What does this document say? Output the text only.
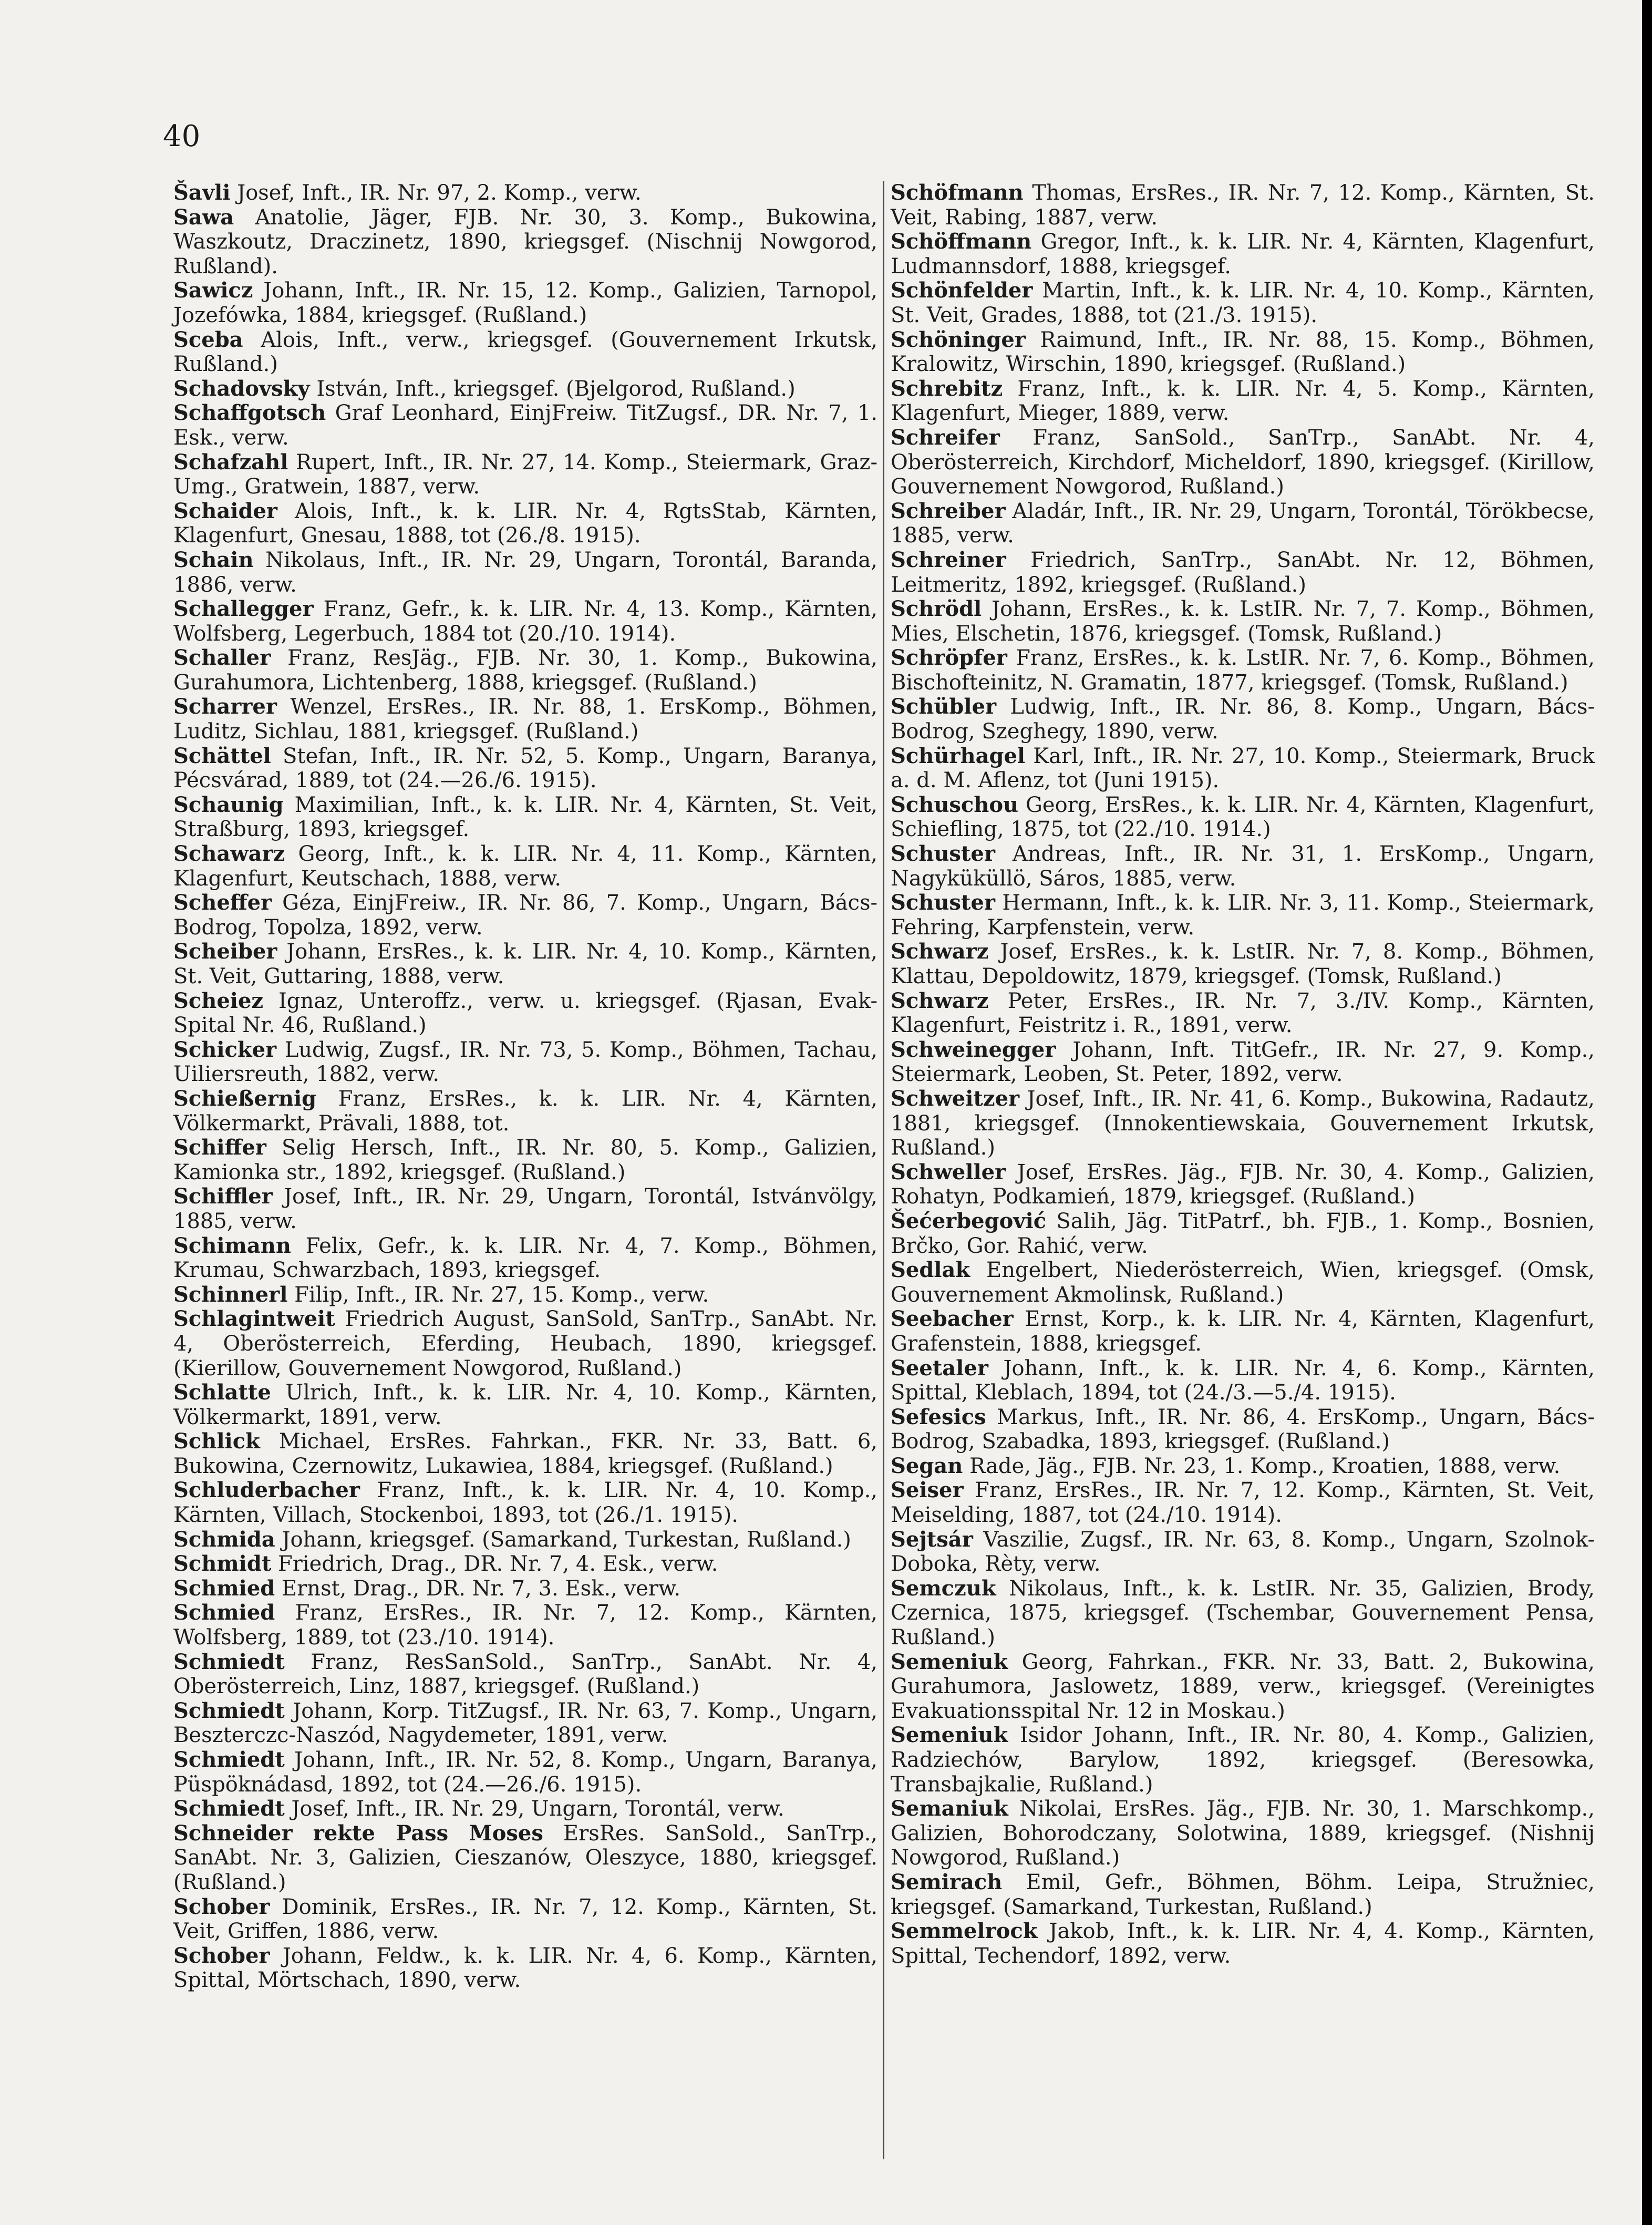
40

Šavli Josef, Inft., IR. Nr. 97, 2. Komp., verw.

Sawa Anatolie, Jäger, FJB. Nr. 30, 3. Komp., Bukowina, Waszkoutz, Draczinetz, 1890, kriegsgef. (Nischnij Nowgorod, Rußland).

Sawicz Johann, Inft., IR. Nr. 15, 12. Komp., Galizien, Tarnopol, Jozefówka, 1884, kriegsgef. (Rußland.)

Sceba Alois, Inft., verw., kriegsgef. (Gouvernement Irkutsk, Rußland.)

Schadovsky István, Inft., kriegsgef. (Bjelgorod, Rußland.)

Schaffgotsch Graf Leonhard, EinjFreiw. TitZugsf., DR. Nr. 7, 1. Esk., verw.

Schafzahl Rupert, Inft., IR. Nr. 27, 14. Komp., Steiermark, Graz-Umg., Gratwein, 1887, verw.

Schaider Alois, Inft., k. k. LIR. Nr. 4, RgtsStab, Kärnten, Klagenfurt, Gnesau, 1888, tot (26./8. 1915).

Schain Nikolaus, Inft., IR. Nr. 29, Ungarn, Torontál, Baranda, 1886, verw.

Schallegger Franz, Gefr., k. k. LIR. Nr. 4, 13. Komp., Kärnten, Wolfsberg, Legerbuch, 1884 tot (20./10. 1914).

Schaller Franz, ResJäg., FJB. Nr. 30, 1. Komp., Bukowina, Gurahumora, Lichtenberg, 1888, kriegsgef. (Rußland.)

Scharrer Wenzel, ErsRes., IR. Nr. 88, 1. ErsKomp., Böhmen, Luditz, Sichlau, 1881, kriegsgef. (Rußland.)

Schättel Stefan, Inft., IR. Nr. 52, 5. Komp., Ungarn, Baranya, Pécsvárad, 1889, tot (24.—26./6. 1915).

Schaunig Maximilian, Inft., k. k. LIR. Nr. 4, Kärnten, St. Veit, Straßburg, 1893, kriegsgef.

Schawarz Georg, Inft., k. k. LIR. Nr. 4, 11. Komp., Kärnten, Klagenfurt, Keutschach, 1888, verw.

Scheffer Géza, EinjFreiw., IR. Nr. 86, 7. Komp., Ungarn, Bács-Bodrog, Topolza, 1892, verw.

Scheiber Johann, ErsRes., k. k. LIR. Nr. 4, 10. Komp., Kärnten, St. Veit, Guttaring, 1888, verw.

Scheiez Ignaz, Unteroffz., verw. u. kriegsgef. (Rjasan, Evak-Spital Nr. 46, Rußland.)

Schicker Ludwig, Zugsf., IR. Nr. 73, 5. Komp., Böhmen, Tachau, Uiliersreuth, 1882, verw.

Schießernig Franz, ErsRes., k. k. LIR. Nr. 4, Kärnten, Völkermarkt, Prävali, 1888, tot.

Schiffer Selig Hersch, Inft., IR. Nr. 80, 5. Komp., Galizien, Kamionka str., 1892, kriegsgef. (Rußland.)

Schiffler Josef, Inft., IR. Nr. 29, Ungarn, Torontál, Istvánvölgy, 1885, verw.

Schimann Felix, Gefr., k. k. LIR. Nr. 4, 7. Komp., Böhmen, Krumau, Schwarzbach, 1893, kriegsgef.

Schinnerl Filip, Inft., IR. Nr. 27, 15. Komp., verw.

Schlagintweit Friedrich August, SanSold, SanTrp., SanAbt. Nr. 4, Oberösterreich, Eferding, Heubach, 1890, kriegsgef. (Kierillow, Gouvernement Nowgorod, Rußland.)

Schlatte Ulrich, Inft., k. k. LIR. Nr. 4, 10. Komp., Kärnten, Völkermarkt, 1891, verw.

Schlick Michael, ErsRes. Fahrkan., FKR. Nr. 33, Batt. 6, Bukowina, Czernowitz, Lukawiea, 1884, kriegsgef. (Rußland.)

Schluderbacher Franz, Inft., k. k. LIR. Nr. 4, 10. Komp., Kärnten, Villach, Stockenboi, 1893, tot (26./1. 1915).

Schmida Johann, kriegsgef. (Samarkand, Turkestan, Rußland.)

Schmidt Friedrich, Drag., DR. Nr. 7, 4. Esk., verw.

Schmied Ernst, Drag., DR. Nr. 7, 3. Esk., verw.

Schmied Franz, ErsRes., IR. Nr. 7, 12. Komp., Kärnten, Wolfsberg, 1889, tot (23./10. 1914).

Schmiedt Franz, ResSanSold., SanTrp., SanAbt. Nr. 4, Oberösterreich, Linz, 1887, kriegsgef. (Rußland.)

Schmiedt Johann, Korp. TitZugsf., IR. Nr. 63, 7. Komp., Ungarn, Beszterczc-Naszód, Nagydemeter, 1891, verw.

Schmiedt Johann, Inft., IR. Nr. 52, 8. Komp., Ungarn, Baranya, Püspöknádasd, 1892, tot (24.—26./6. 1915).

Schmiedt Josef, Inft., IR. Nr. 29, Ungarn, Torontál, verw.

Schneider rekte Pass Moses ErsRes. SanSold., SanTrp., SanAbt. Nr. 3, Galizien, Cieszanów, Oleszyce, 1880, kriegsgef. (Rußland.)

Schober Dominik, ErsRes., IR. Nr. 7, 12. Komp., Kärnten, St. Veit, Griffen, 1886, verw.

Schober Johann, Feldw., k. k. LIR. Nr. 4, 6. Komp., Kärnten, Spittal, Mörtschach, 1890, verw.

Schöfmann Thomas, ErsRes., IR. Nr. 7, 12. Komp., Kärnten, St. Veit, Rabing, 1887, verw.

Schöffmann Gregor, Inft., k. k. LIR. Nr. 4, Kärnten, Klagenfurt, Ludmannsdorf, 1888, kriegsgef.

Schönfelder Martin, Inft., k. k. LIR. Nr. 4, 10. Komp., Kärnten, St. Veit, Grades, 1888, tot (21./3. 1915).

Schöninger Raimund, Inft., IR. Nr. 88, 15. Komp., Böhmen, Kralowitz, Wirschin, 1890, kriegsgef. (Rußland.)

Schrebitz Franz, Inft., k. k. LIR. Nr. 4, 5. Komp., Kärnten, Klagenfurt, Mieger, 1889, verw.

Schreifer Franz, SanSold., SanTrp., SanAbt. Nr. 4, Oberösterreich, Kirchdorf, Micheldorf, 1890, kriegsgef. (Kirillow, Gouvernement Nowgorod, Rußland.)

Schreiber Aladár, Inft., IR. Nr. 29, Ungarn, Torontál, Törökbecse, 1885, verw.

Schreiner Friedrich, SanTrp., SanAbt. Nr. 12, Böhmen, Leitmeritz, 1892, kriegsgef. (Rußland.)

Schrödl Johann, ErsRes., k. k. LstIR. Nr. 7, 7. Komp., Böhmen, Mies, Elschetin, 1876, kriegsgef. (Tomsk, Rußland.)

Schröpfer Franz, ErsRes., k. k. LstIR. Nr. 7, 6. Komp., Böhmen, Bischofteinitz, N. Gramatin, 1877, kriegsgef. (Tomsk, Rußland.)

Schübler Ludwig, Inft., IR. Nr. 86, 8. Komp., Ungarn, Bács-Bodrog, Szeghegy, 1890, verw.

Schürhagel Karl, Inft., IR. Nr. 27, 10. Komp., Steiermark, Bruck a. d. M. Aflenz, tot (Juni 1915).

Schuschou Georg, ErsRes., k. k. LIR. Nr. 4, Kärnten, Klagenfurt, Schiefling, 1875, tot (22./10. 1914.)

Schuster Andreas, Inft., IR. Nr. 31, 1. ErsKomp., Ungarn, Nagyküküllö, Sáros, 1885, verw.

Schuster Hermann, Inft., k. k. LIR. Nr. 3, 11. Komp., Steiermark, Fehring, Karpfenstein, verw.

Schwarz Josef, ErsRes., k. k. LstIR. Nr. 7, 8. Komp., Böhmen, Klattau, Depoldowitz, 1879, kriegsgef. (Tomsk, Rußland.)

Schwarz Peter, ErsRes., IR. Nr. 7, 3./IV. Komp., Kärnten, Klagenfurt, Feistritz i. R., 1891, verw.

Schweinegger Johann, Inft. TitGefr., IR. Nr. 27, 9. Komp., Steiermark, Leoben, St. Peter, 1892, verw.

Schweitzer Josef, Inft., IR. Nr. 41, 6. Komp., Bukowina, Radautz, 1881, kriegsgef. (Innokentiewskaia, Gouvernement Irkutsk, Rußland.)

Schweller Josef, ErsRes. Jäg., FJB. Nr. 30, 4. Komp., Galizien, Rohatyn, Podkamień, 1879, kriegsgef. (Rußland.)

Šećerbegović Salih, Jäg. TitPatrf., bh. FJB., 1. Komp., Bosnien, Brčko, Gor. Rahić, verw.

Sedlak Engelbert, Niederösterreich, Wien, kriegsgef. (Omsk, Gouvernement Akmolinsk, Rußland.)

Seebacher Ernst, Korp., k. k. LIR. Nr. 4, Kärnten, Klagenfurt, Grafenstein, 1888, kriegsgef.

Seetaler Johann, Inft., k. k. LIR. Nr. 4, 6. Komp., Kärnten, Spittal, Kleblach, 1894, tot (24./3.—5./4. 1915).

Sefesics Markus, Inft., IR. Nr. 86, 4. ErsKomp., Ungarn, Bács-Bodrog, Szabadka, 1893, kriegsgef. (Rußland.)

Segan Rade, Jäg., FJB. Nr. 23, 1. Komp., Kroatien, 1888, verw.

Seiser Franz, ErsRes., IR. Nr. 7, 12. Komp., Kärnten, St. Veit, Meiselding, 1887, tot (24./10. 1914).

Sejtsár Vaszilie, Zugsf., IR. Nr. 63, 8. Komp., Ungarn, Szolnok-Doboka, Rèty, verw.

Semczuk Nikolaus, Inft., k. k. LstIR. Nr. 35, Galizien, Brody, Czernica, 1875, kriegsgef. (Tschembar, Gouvernement Pensa, Rußland.)

Semeniuk Georg, Fahrkan., FKR. Nr. 33, Batt. 2, Bukowina, Gurahumora, Jaslowetz, 1889, verw., kriegsgef. (Vereinigtes Evakuationsspital Nr. 12 in Moskau.)

Semeniuk Isidor Johann, Inft., IR. Nr. 80, 4. Komp., Galizien, Radziechów, Barylow, 1892, kriegsgef. (Beresowka, Transbajkalie, Rußland.)

Semaniuk Nikolai, ErsRes. Jäg., FJB. Nr. 30, 1. Marschkomp., Galizien, Bohorodczany, Solotwina, 1889, kriegsgef. (Nishnij Nowgorod, Rußland.)

Semirach Emil, Gefr., Böhmen, Böhm. Leipa, Stružniec, kriegsgef. (Samarkand, Turkestan, Rußland.)

Semmelrock Jakob, Inft., k. k. LIR. Nr. 4, 4. Komp., Kärnten, Spittal, Techendorf, 1892, verw.
